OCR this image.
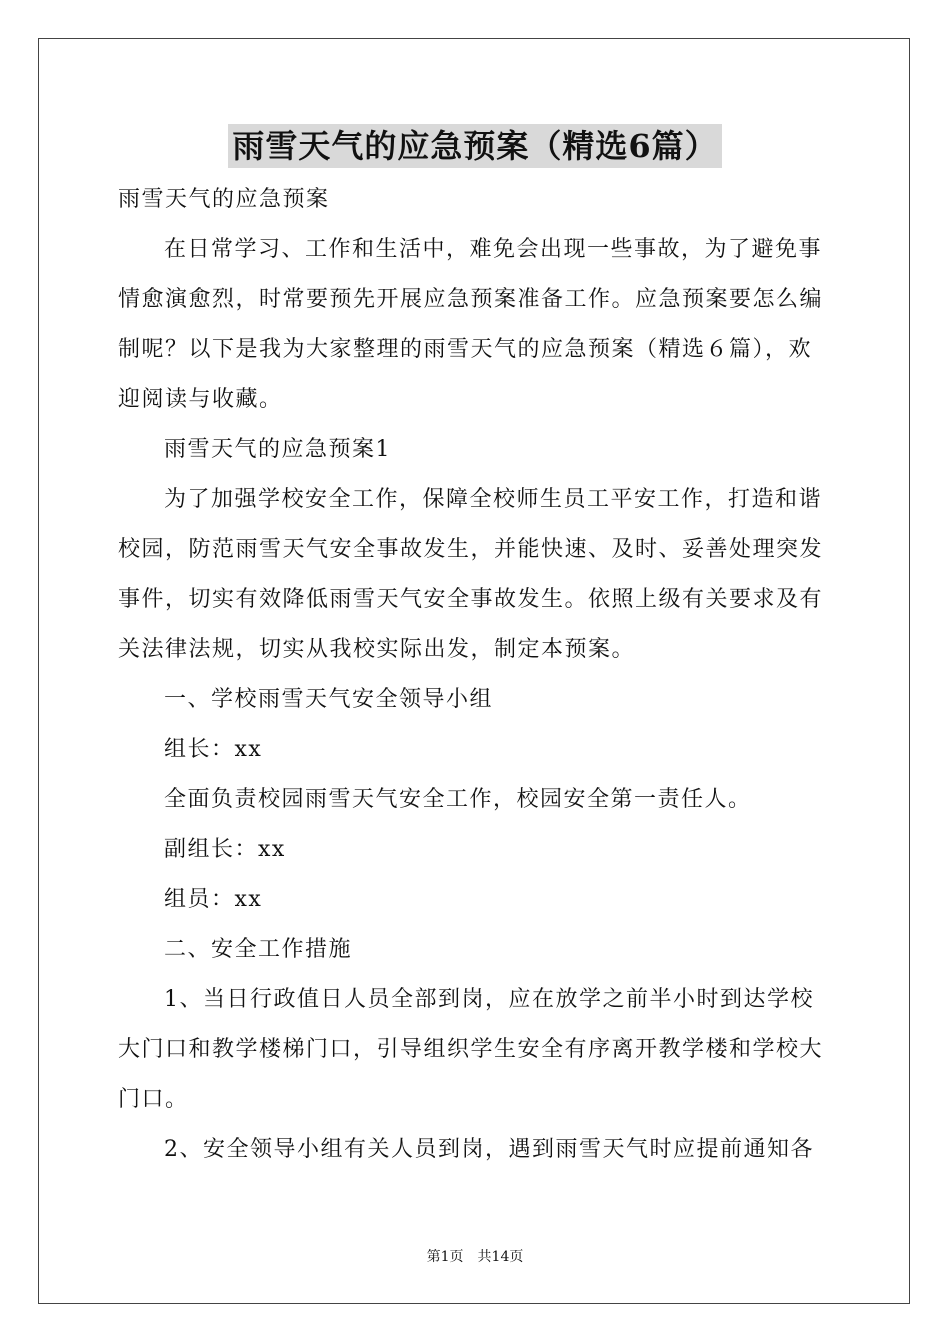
雨雪天气的应急预案（精选6篇）
雨雪天气的应急预案
在日常学习、工作和生活中，难免会出现一些事故，为了避免事
情愈演愈烈，时常要预先开展应急预案准备工作。应急预案要怎么编
制呢？以下是我为大家整理的雨雪天气的应急预案（精选６篇），欢
迎阅读与收藏。
雨雪天气的应急预案1
为了加强学校安全工作，保障全校师生员工平安工作，打造和谐
校园，防范雨雪天气安全事故发生，并能快速、及时、妥善处理突发
事件，切实有效降低雨雪天气安全事故发生。依照上级有关要求及有
关法律法规，切实从我校实际出发，制定本预案。
一、学校雨雪天气安全领导小组
组长：xx
全面负责校园雨雪天气安全工作，校园安全第一责任人。
副组长：xx
组员：xx
二、安全工作措施
1、当日行政值日人员全部到岗，应在放学之前半小时到达学校
大门口和教学楼梯门口，引导组织学生安全有序离开教学楼和学校大
门口。
2、安全领导小组有关人员到岗，遇到雨雪天气时应提前通知各
第1页　共14页
